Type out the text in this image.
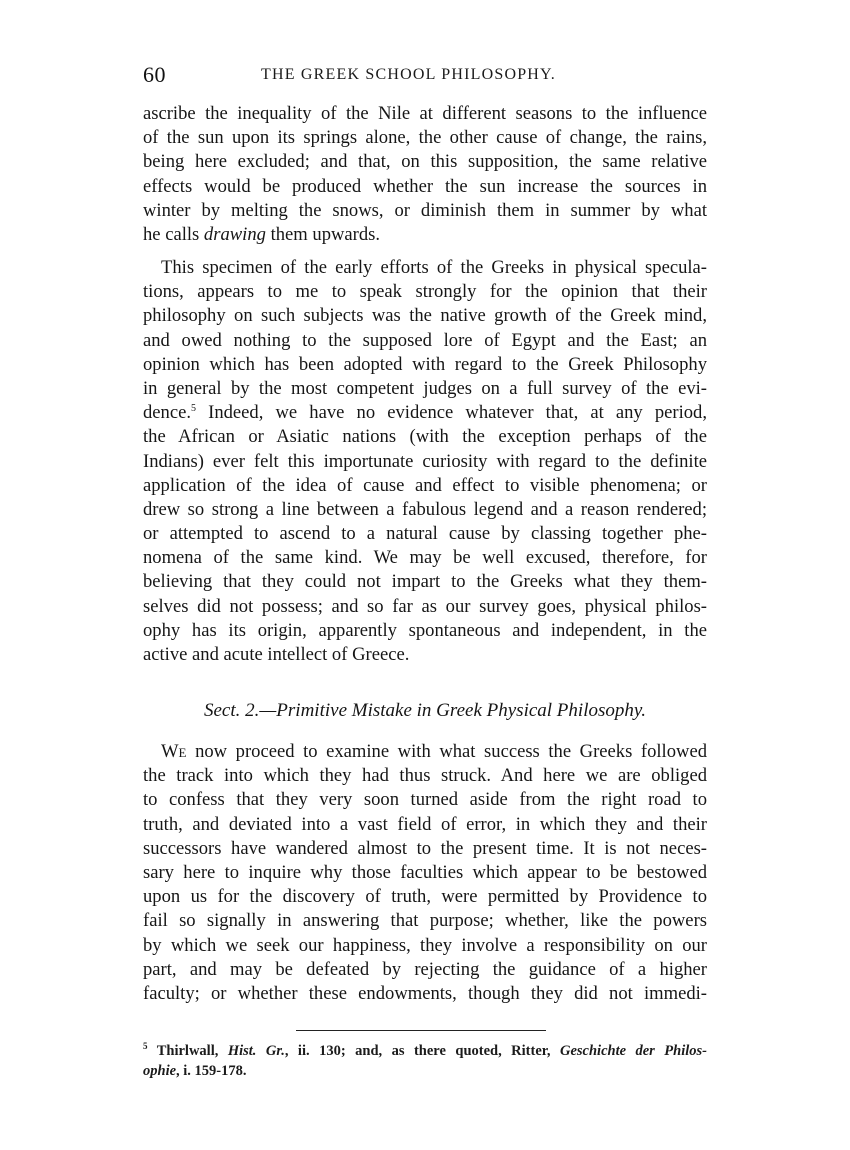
60	THE GREEK SCHOOL PHILOSOPHY.
ascribe the inequality of the Nile at different seasons to the influence
of the sun upon its springs alone, the other cause of change, the rains,
being here excluded; and that, on this supposition, the same relative
effects would be produced whether the sun increase the sources in
winter by melting the snows, or diminish them in summer by what
he calls drawing them upwards.
This specimen of the early efforts of the Greeks in physical specula-
tions, appears to me to speak strongly for the opinion that their
philosophy on such subjects was the native growth of the Greek mind,
and owed nothing to the supposed lore of Egypt and the East; an
opinion which has been adopted with regard to the Greek Philosophy
in general by the most competent judges on a full survey of the evi-
dence.$^5$ Indeed, we have no evidence whatever that, at any period,
the African or Asiatic nations (with the exception perhaps of the
Indians) ever felt this importunate curiosity with regard to the definite
application of the idea of cause and effect to visible phenomena; or
drew so strong a line between a fabulous legend and a reason rendered;
or attempted to ascend to a natural cause by classing together phe-
nomena of the same kind. We may be well excused, therefore, for
believing that they could not impart to the Greeks what they them-
selves did not possess; and so far as our survey goes, physical philos-
ophy has its origin, apparently spontaneous and independent, in the
active and acute intellect of Greece.
Sect. 2.—Primitive Mistake in Greek Physical Philosophy.
We now proceed to examine with what success the Greeks followed
the track into which they had thus struck. And here we are obliged
to confess that they very soon turned aside from the right road to
truth, and deviated into a vast field of error, in which they and their
successors have wandered almost to the present time. It is not neces-
sary here to inquire why those faculties which appear to be bestowed
upon us for the discovery of truth, were permitted by Providence to
fail so signally in answering that purpose; whether, like the powers
by which we seek our happiness, they involve a responsibility on our
part, and may be defeated by rejecting the guidance of a higher
faculty; or whether these endowments, though they did not immedi-
$^5$ Thirlwall, Hist. Gr., ii. 130; and, as there quoted, Ritter, Geschichte der Philos-
ophie, i. 159-178.
